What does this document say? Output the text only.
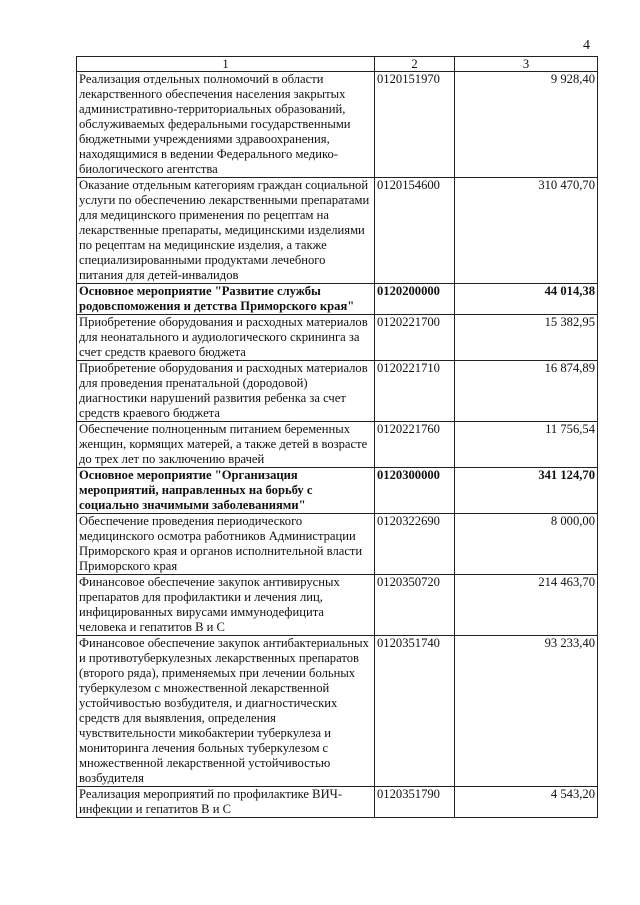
4
1	2	3
Реализация отдельных полномочий в области лекарственного обеспечения населения закрытых административно-территориальных образований, обслуживаемых федеральными государственными бюджетными учреждениями здравоохранения, находящимися в ведении Федерального медико-биологического агентства	0120151970	9 928,40
Оказание отдельным категориям граждан социальной услуги по обеспечению лекарственными препаратами для медицинского применения по рецептам на лекарственные препараты, медицинскими изделиями по рецептам на медицинские изделия, а также специализированными продуктами лечебного питания для детей-инвалидов	0120154600	310 470,70
Основное мероприятие "Развитие службы родовспоможения и детства Приморского края"	0120200000	44 014,38
Приобретение оборудования и расходных материалов для неонатального и аудиологического скрининга за счет средств краевого бюджета	0120221700	15 382,95
Приобретение оборудования и расходных материалов для проведения пренатальной (дородовой) диагностики нарушений развития ребенка за счет средств краевого бюджета	0120221710	16 874,89
Обеспечение полноценным питанием беременных женщин, кормящих матерей, а также детей в возрасте до трех лет по заключению врачей	0120221760	11 756,54
Основное мероприятие "Организация мероприятий, направленных на борьбу с социально значимыми заболеваниями"	0120300000	341 124,70
Обеспечение проведения периодического медицинского осмотра работников Администрации Приморского края и органов исполнительной власти Приморского края	0120322690	8 000,00
Финансовое обеспечение закупок антивирусных препаратов для профилактики и лечения лиц, инфицированных вирусами иммунодефицита человека и гепатитов В и С	0120350720	214 463,70
Финансовое обеспечение закупок антибактериальных и противотуберкулезных лекарственных препаратов (второго ряда), применяемых при лечении больных туберкулезом с множественной лекарственной устойчивостью возбудителя, и диагностических средств для выявления, определения чувствительности микобактерии туберкулеза и мониторинга лечения больных туберкулезом с множественной лекарственной устойчивостью возбудителя	0120351740	93 233,40
Реализация мероприятий по профилактике ВИЧ-инфекции и гепатитов В и С	0120351790	4 543,20
